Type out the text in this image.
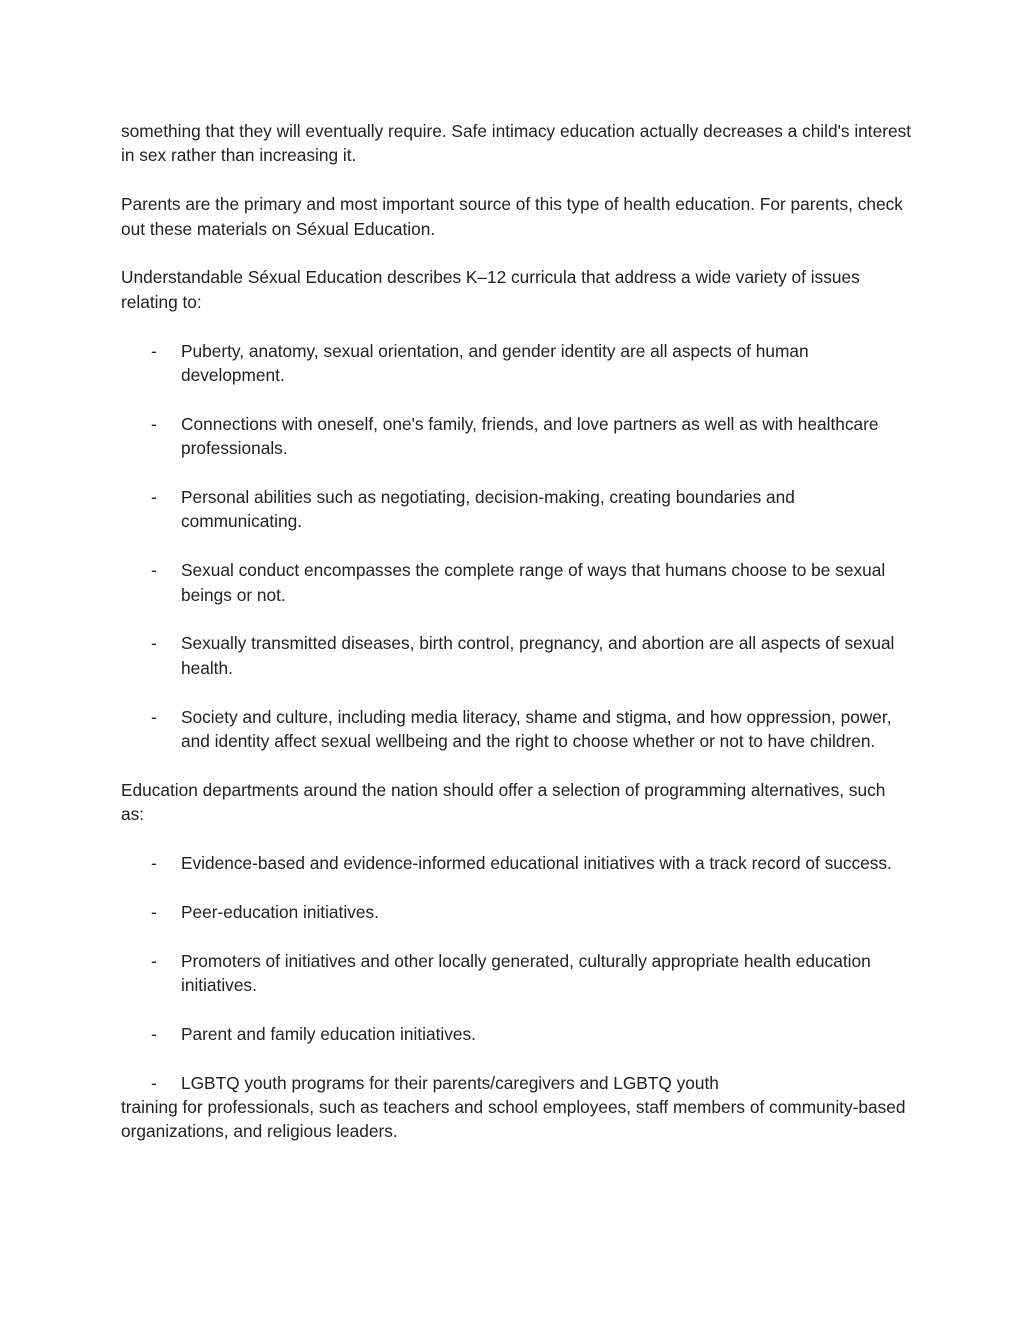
something that they will eventually require. Safe intimacy education actually decreases a child's interest in sex rather than increasing it.

Parents are the primary and most important source of this type of health education. For parents, check out these materials on Séxual Education.

Understandable Séxual Education describes K–12 curricula that address a wide variety of issues relating to:

- Puberty, anatomy, sexual orientation, and gender identity are all aspects of human development.
- Connections with oneself, one's family, friends, and love partners as well as with healthcare professionals.
- Personal abilities such as negotiating, decision-making, creating boundaries and communicating.
- Sexual conduct encompasses the complete range of ways that humans choose to be sexual beings or not.
- Sexually transmitted diseases, birth control, pregnancy, and abortion are all aspects of sexual health.
- Society and culture, including media literacy, shame and stigma, and how oppression, power, and identity affect sexual wellbeing and the right to choose whether or not to have children.

Education departments around the nation should offer a selection of programming alternatives, such as:

- Evidence-based and evidence-informed educational initiatives with a track record of success.
- Peer-education initiatives.
- Promoters of initiatives and other locally generated, culturally appropriate health education initiatives.
- Parent and family education initiatives.

- LGBTQ youth programs for their parents/caregivers and LGBTQ youth
training for professionals, such as teachers and school employees, staff members of community-based organizations, and religious leaders.
